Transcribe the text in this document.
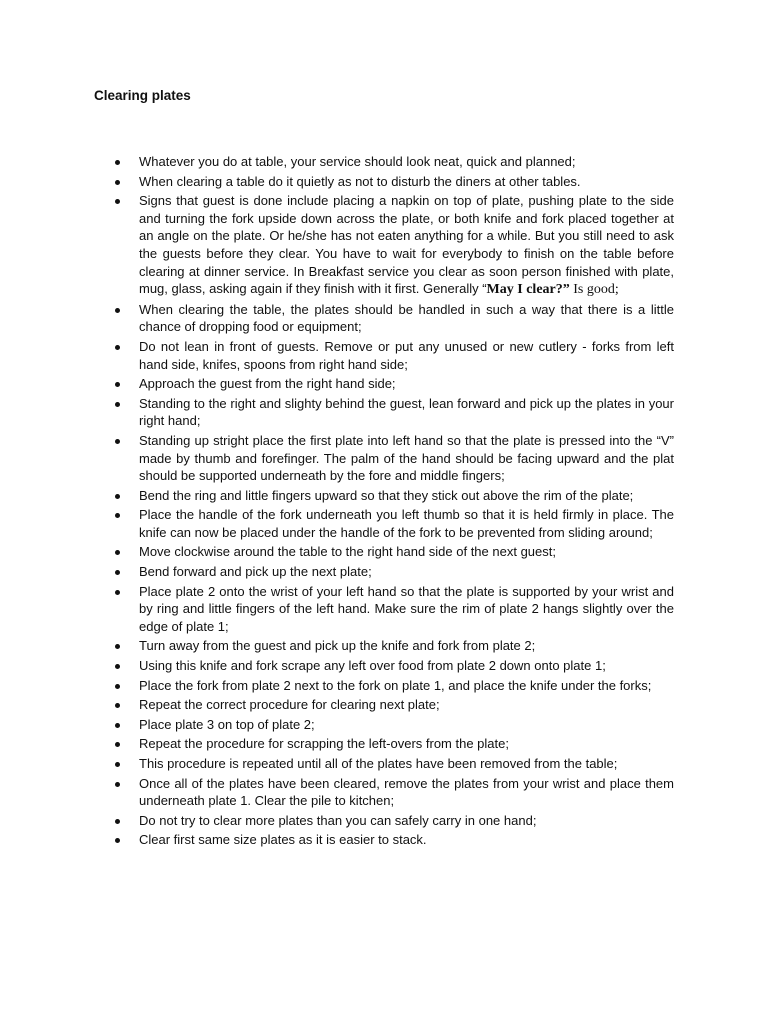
Clearing plates
Whatever you do at table, your service should look neat, quick and planned;
When clearing a table do it quietly as not to disturb the diners at other tables.
Signs that guest is done include placing a napkin on top of plate, pushing plate to the side and turning the fork upside down across the plate, or both knife and fork placed together at an angle on the plate. Or he/she has not eaten anything for a while. But you still need to ask the guests before they clear. You have to wait for everybody to finish on the table before clearing at dinner service. In Breakfast service you clear as soon person finished with plate, mug, glass, asking again if they finish with it first. Generally “May I clear?” Is good;
When clearing the table, the plates should be handled in such a way that there is a little chance of dropping food or equipment;
Do not lean in front of guests. Remove or put any unused or new cutlery - forks from left hand side, knifes, spoons from right hand side;
Approach the guest from the right hand side;
Standing to the right and slighty behind the guest, lean forward and pick up the plates in your right hand;
Standing up stright place the first plate into left hand so that the plate is pressed into the “V” made by thumb and forefinger. The palm of the hand should be facing upward and the plat should be supported underneath by the fore and middle fingers;
Bend the ring and little fingers upward so that they stick out above the rim of the plate;
Place the handle of the fork underneath you left thumb so that it is held firmly in place. The knife can now be placed under the handle of the fork to be prevented from sliding around;
Move clockwise around the table to the right hand side of the next guest;
Bend forward and pick up the next plate;
Place plate 2 onto the wrist of your left hand so that the plate is supported by your wrist and by ring and little fingers of the left hand. Make sure the rim of plate 2 hangs slightly over the edge of plate 1;
Turn away from the guest and pick up the knife and fork from plate 2;
Using this knife and fork scrape any left over food from plate 2 down onto plate 1;
Place the fork from plate 2 next to the fork on plate 1, and place the knife under the forks;
Repeat the correct procedure for clearing next plate;
Place plate 3 on top of plate 2;
Repeat the procedure for scrapping the left-overs from the plate;
This procedure is repeated until all of the plates have been removed from the table;
Once all of the plates have been cleared, remove the plates from your wrist and place them underneath plate 1. Clear the pile to kitchen;
Do not try to clear more plates than you can safely carry in one hand;
Clear first same size plates as it is easier to stack.
